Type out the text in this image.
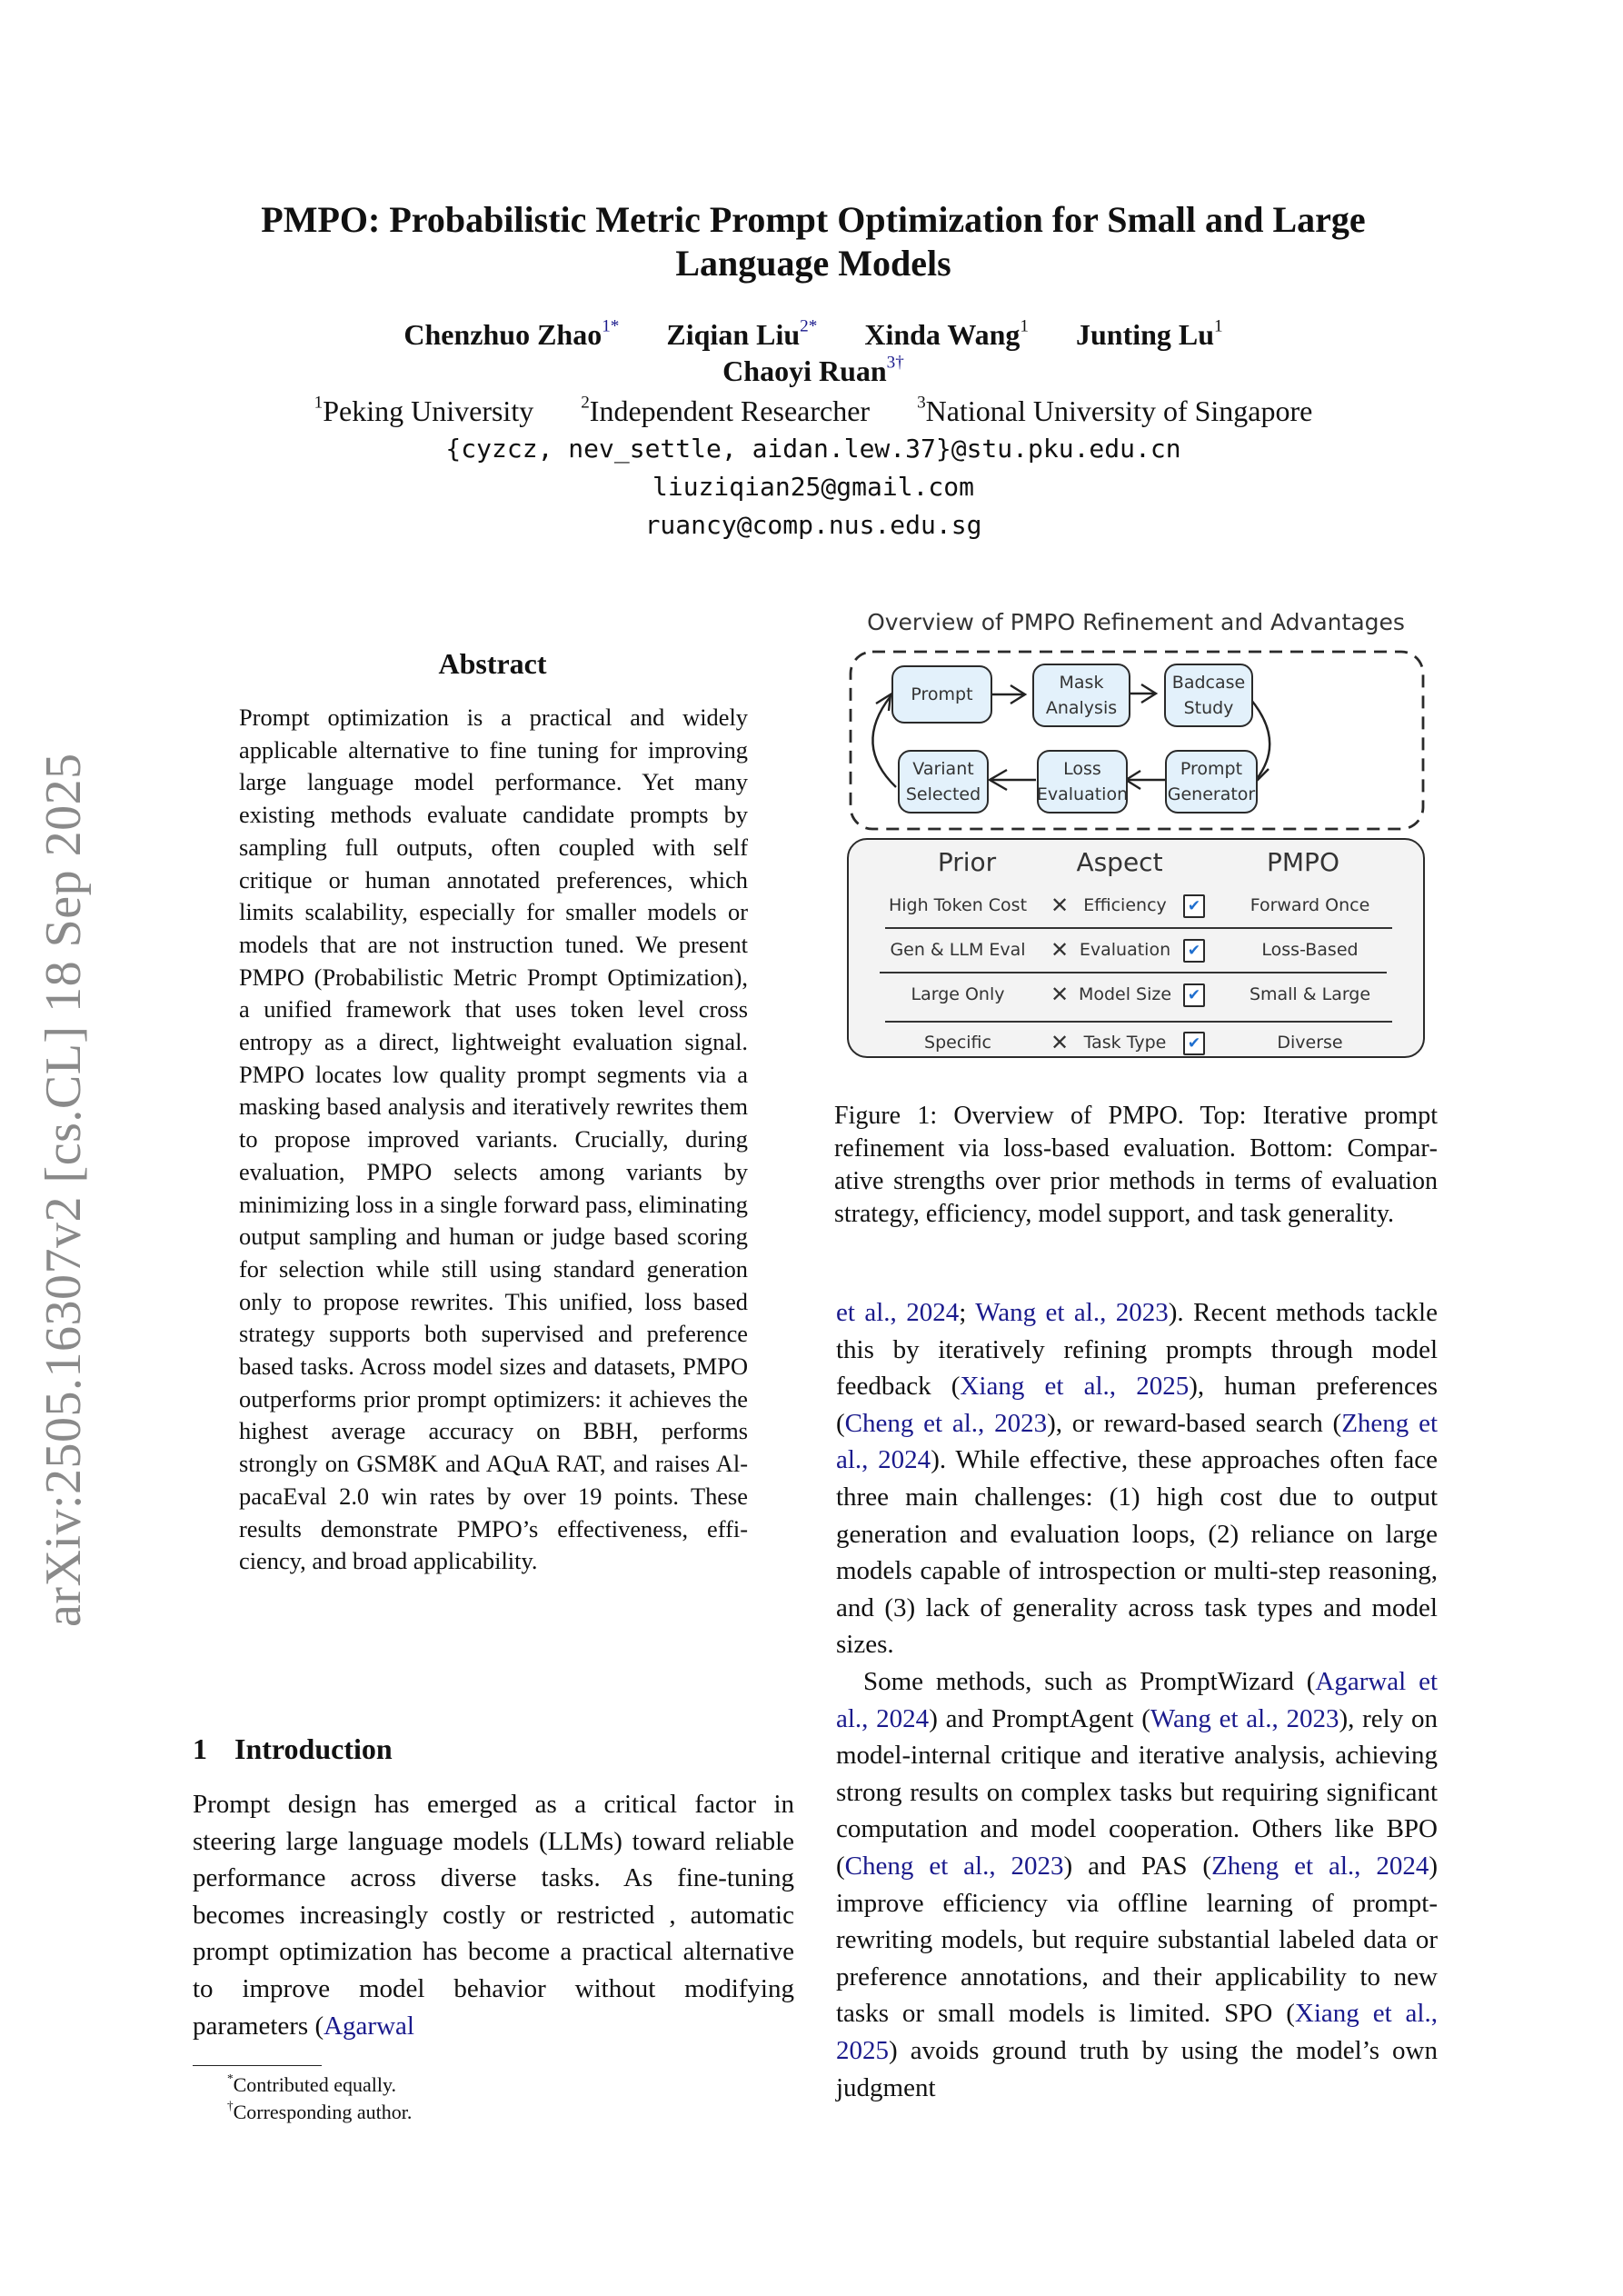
arXiv:2505.16307v2 [cs.CL] 18 Sep 2025
PMPO: Probabilistic Metric Prompt Optimization for Small and Large
Language Models
Chenzhuo Zhao$^{1*}$ Ziqian Liu$^{2*}$ Xinda Wang$^1$ Junting Lu$^1$
Chaoyi Ruan$^{3\dagger}$
$^1$Peking University	$^2$Independent Researcher	$^3$National University of Singapore
{cyzcz, nev_settle, aidan.lew.37}@stu.pku.edu.cn
liuziqian25@gmail.com
ruancy@comp.nus.edu.sg
Abstract
Prompt optimization is a practical and widely applicable alternative to fine tuning for improving large language model performance. Yet many existing methods evaluate candidate prompts by sampling full outputs, often coupled with self critique or human annotated preferences, which limits scalability, especially for smaller models or models that are not instruction tuned. We present PMPO (Probabilistic Metric Prompt Optimization), a unified framework that uses token level cross entropy as a direct, lightweight evaluation signal. PMPO locates low quality prompt segments via a masking based analysis and iteratively rewrites them to propose improved variants. Crucially, during evaluation, PMPO selects among variants by minimizing loss in a single forward pass, eliminating output sampling and human or judge based scoring for selection while still using standard generation only to propose rewrites. This unified, loss based strategy supports both supervised and preference based tasks. Across model sizes and datasets, PMPO outperforms prior prompt optimizers: it achieves the highest average accuracy on BBH, performs strongly on GSM8K and AQuA RAT, and raises AlpacaEval 2.0 win rates by over 19 points. These results demonstrate PMPO’s effectiveness, efficiency, and broad applicability.
1 Introduction
Prompt design has emerged as a critical factor in steering large language models (LLMs) toward reliable performance across diverse tasks. As fine-tuning becomes increasingly costly or restricted , automatic prompt optimization has become a practical alternative to improve model behavior without modifying parameters (Agarwal
*Contributed equally.
†Corresponding author.
Overview of PMPO Refinement and Advantages
Prompt
Mask Analysis
Badcase Study
Prompt Generator
Loss Evaluation
Variant Selected
Prior	Aspect	PMPO
High Token Cost	✕ Efficiency	✔	Forward Once
Gen & LLM Eval	✕ Evaluation	✔	Loss-Based
Large Only	✕ Model Size	✔	Small & Large
Specific	✕ Task Type	✔	Diverse
Figure 1: Overview of PMPO. Top: Iterative prompt refinement via loss-based evaluation. Bottom: Comparative strengths over prior methods in terms of evaluation strategy, efficiency, model support, and task generality.
et al., 2024; Wang et al., 2023). Recent methods tackle this by iteratively refining prompts through model feedback (Xiang et al., 2025), human preferences (Cheng et al., 2023), or reward-based search (Zheng et al., 2024). While effective, these approaches often face three main challenges: (1) high cost due to output generation and evaluation loops, (2) reliance on large models capable of introspection or multi-step reasoning, and (3) lack of generality across task types and model sizes.
Some methods, such as PromptWizard (Agarwal et al., 2024) and PromptAgent (Wang et al., 2023), rely on model-internal critique and iterative analysis, achieving strong results on complex tasks but requiring significant computation and model cooperation. Others like BPO (Cheng et al., 2023) and PAS (Zheng et al., 2024) improve efficiency via offline learning of prompt-rewriting models, but require substantial labeled data or preference annotations, and their applicability to new tasks or small models is limited. SPO (Xiang et al., 2025) avoids ground truth by using the model’s own judgment
